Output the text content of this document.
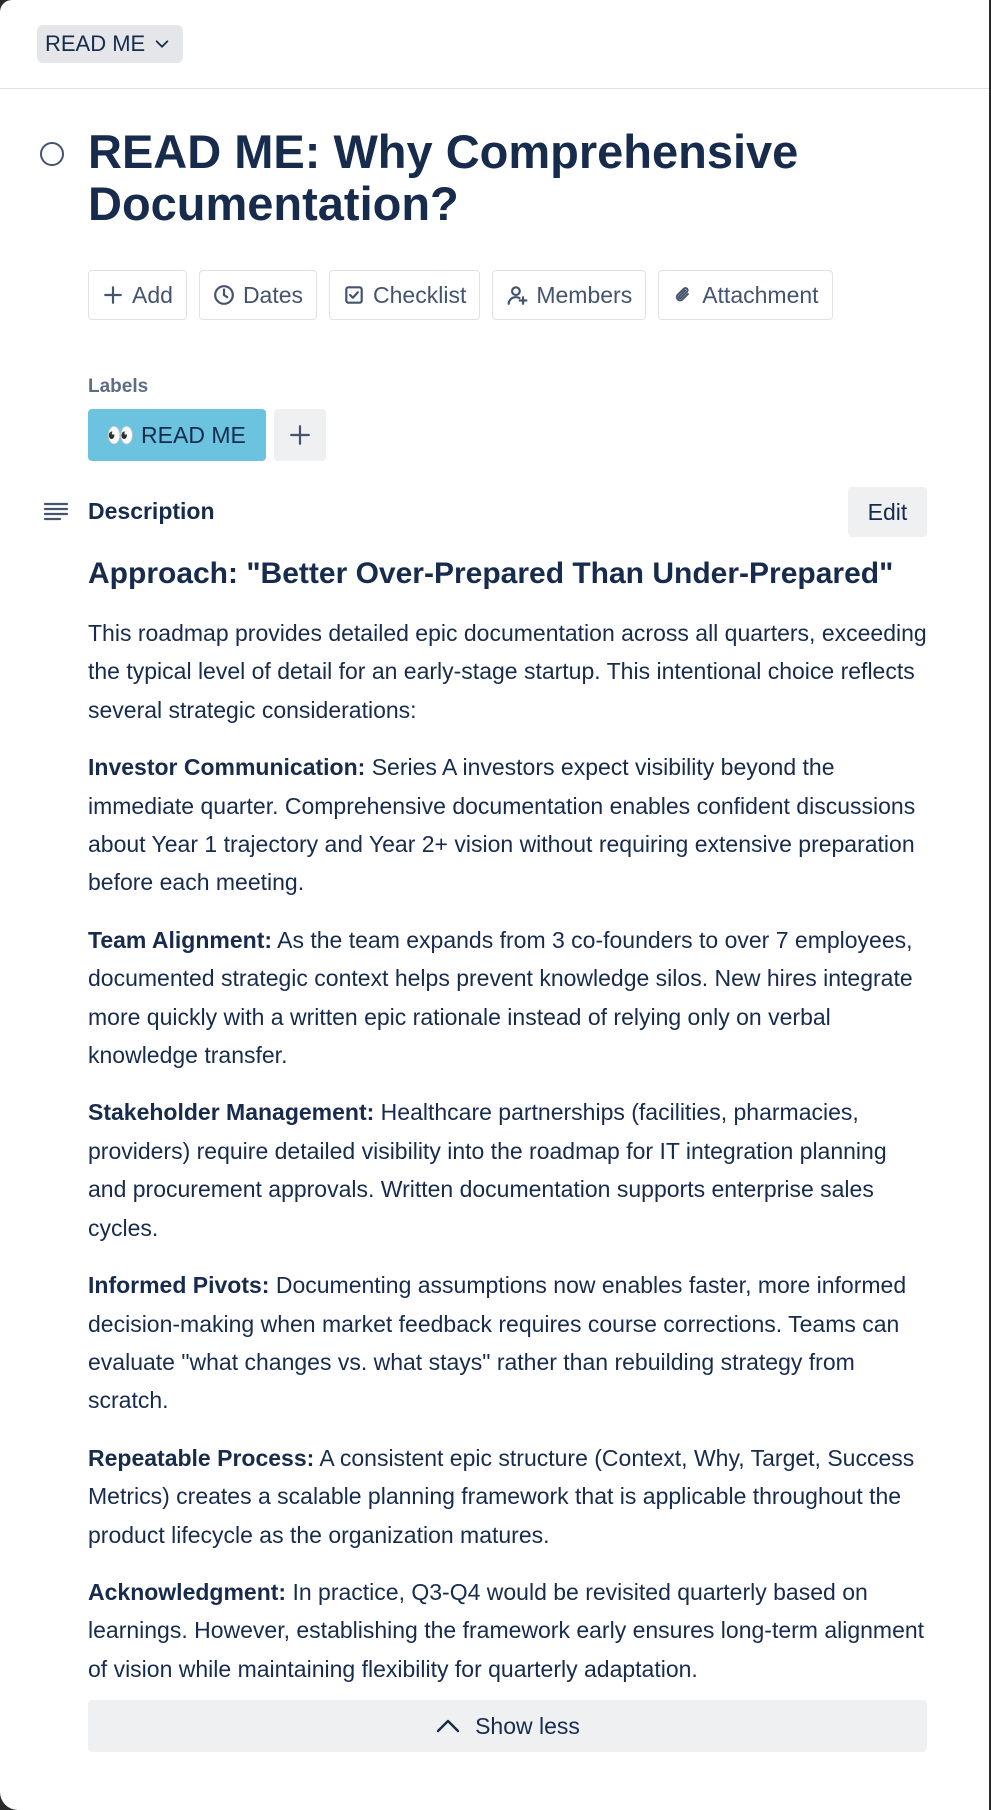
READ ME
READ ME: Why Comprehensive Documentation?
Add	Dates	Checklist	Members	Attachment
Labels
👀 READ ME
Description	Edit
Approach: "Better Over-Prepared Than Under-Prepared"

This roadmap provides detailed epic documentation across all quarters, exceeding the typical level of detail for an early-stage startup. This intentional choice reflects several strategic considerations:

Investor Communication: Series A investors expect visibility beyond the immediate quarter. Comprehensive documentation enables confident discussions about Year 1 trajectory and Year 2+ vision without requiring extensive preparation before each meeting.

Team Alignment: As the team expands from 3 co-founders to over 7 employees, documented strategic context helps prevent knowledge silos. New hires integrate more quickly with a written epic rationale instead of relying only on verbal knowledge transfer.

Stakeholder Management: Healthcare partnerships (facilities, pharmacies, providers) require detailed visibility into the roadmap for IT integration planning and procurement approvals. Written documentation supports enterprise sales cycles.

Informed Pivots: Documenting assumptions now enables faster, more informed decision-making when market feedback requires course corrections. Teams can evaluate "what changes vs. what stays" rather than rebuilding strategy from scratch.

Repeatable Process: A consistent epic structure (Context, Why, Target, Success Metrics) creates a scalable planning framework that is applicable throughout the product lifecycle as the organization matures.

Acknowledgment: In practice, Q3-Q4 would be revisited quarterly based on learnings. However, establishing the framework early ensures long-term alignment of vision while maintaining flexibility for quarterly adaptation.

Show less
